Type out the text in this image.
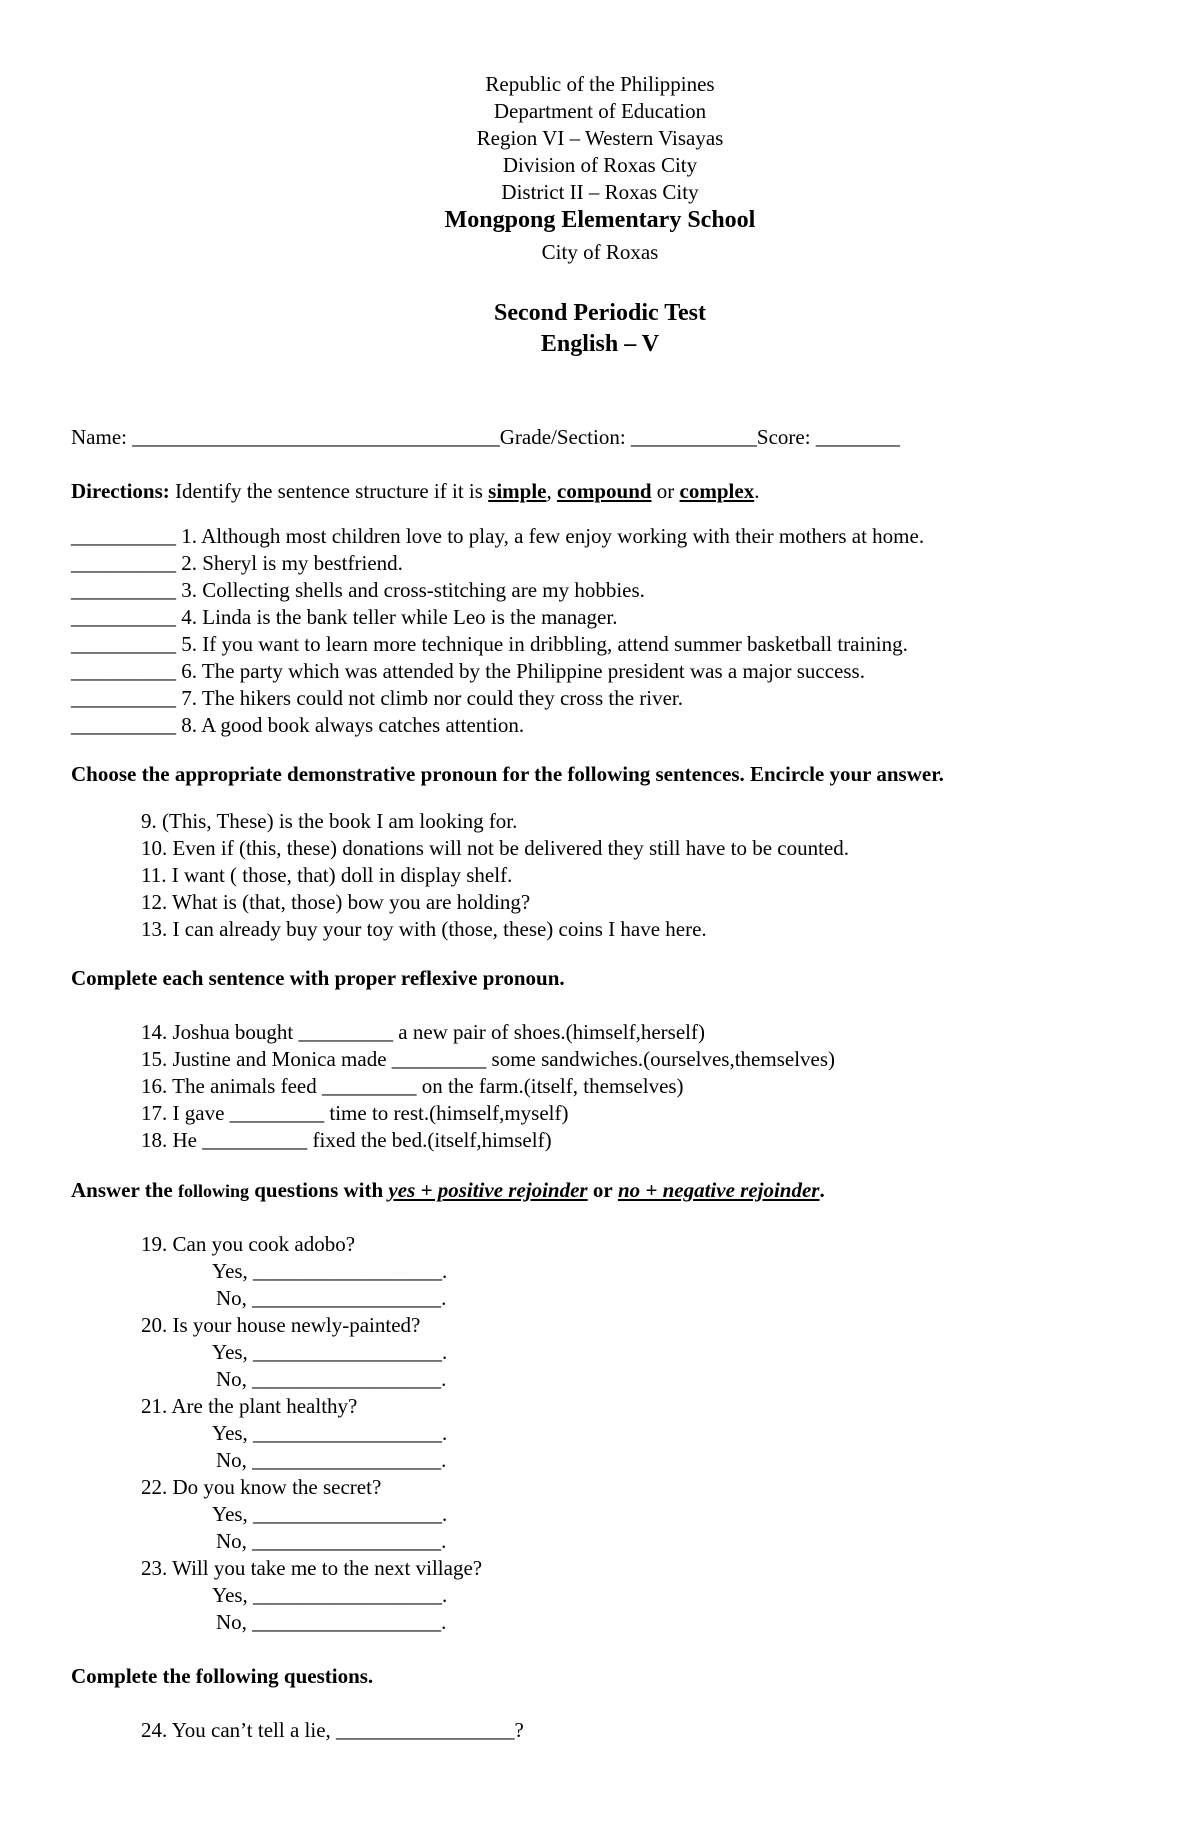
Republic of the Philippines
Department of Education
Region VI – Western Visayas
Division of Roxas City
District II – Roxas City
Mongpong Elementary School
City of Roxas
Second Periodic Test
English – V
Name: ___________________________________Grade/Section: ____________Score: ________
Directions: Identify the sentence structure if it is simple, compound or complex.
__________ 1. Although most children love to play, a few enjoy working with their mothers at home.
__________ 2. Sheryl is my bestfriend.
__________ 3. Collecting shells and cross-stitching are my hobbies.
__________ 4. Linda is the bank teller while Leo is the manager.
__________ 5. If you want to learn more technique in dribbling, attend summer basketball training.
__________ 6. The party which was attended by the Philippine president was a major success.
__________ 7. The hikers could not climb nor could they cross the river.
__________ 8. A good book always catches attention.
Choose the appropriate demonstrative pronoun for the following sentences. Encircle your answer.
9. (This, These) is the book I am looking for.
10. Even if (this, these) donations will not be delivered they still have to be counted.
11. I want ( those, that) doll in display shelf.
12. What is (that, those) bow you are holding?
13. I can already buy your toy with (those, these) coins I have here.
Complete each sentence with proper reflexive pronoun.
14. Joshua bought _________ a new pair of shoes.(himself,herself)
15. Justine and Monica made _________ some sandwiches.(ourselves,themselves)
16. The animals feed _________ on the farm.(itself, themselves)
17. I gave _________ time to rest.(himself,myself)
18. He __________ fixed the bed.(itself,himself)
Answer the following questions with yes + positive rejoinder or no + negative rejoinder.
19. Can you cook adobo?
Yes, __________________.
No, __________________.
20. Is your house newly-painted?
Yes, __________________.
No, __________________.
21. Are the plant healthy?
Yes, __________________.
No, __________________.
22. Do you know the secret?
Yes, __________________.
No, __________________.
23. Will you take me to the next village?
Yes, __________________.
No, __________________.
Complete the following questions.
24. You can’t tell a lie, _________________?
